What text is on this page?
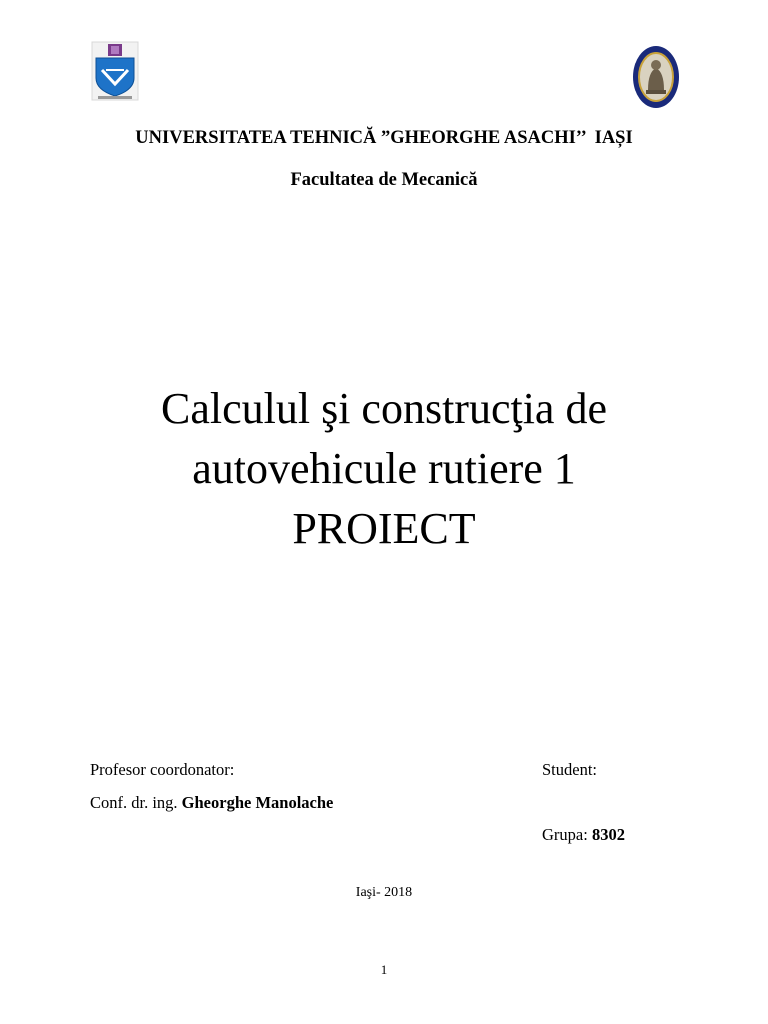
UNIVERSITATEA TEHNICĂ ”GHEORGHE ASACHI’’  IAȘI
Facultatea de Mecanică
Calculul şi construcţia de
autovehicule rutiere 1
PROIECT
Profesor coordonator:
Conf. dr. ing. Gheorghe Manolache
Student:
Grupa: 8302
Iaşi- 2018
1
